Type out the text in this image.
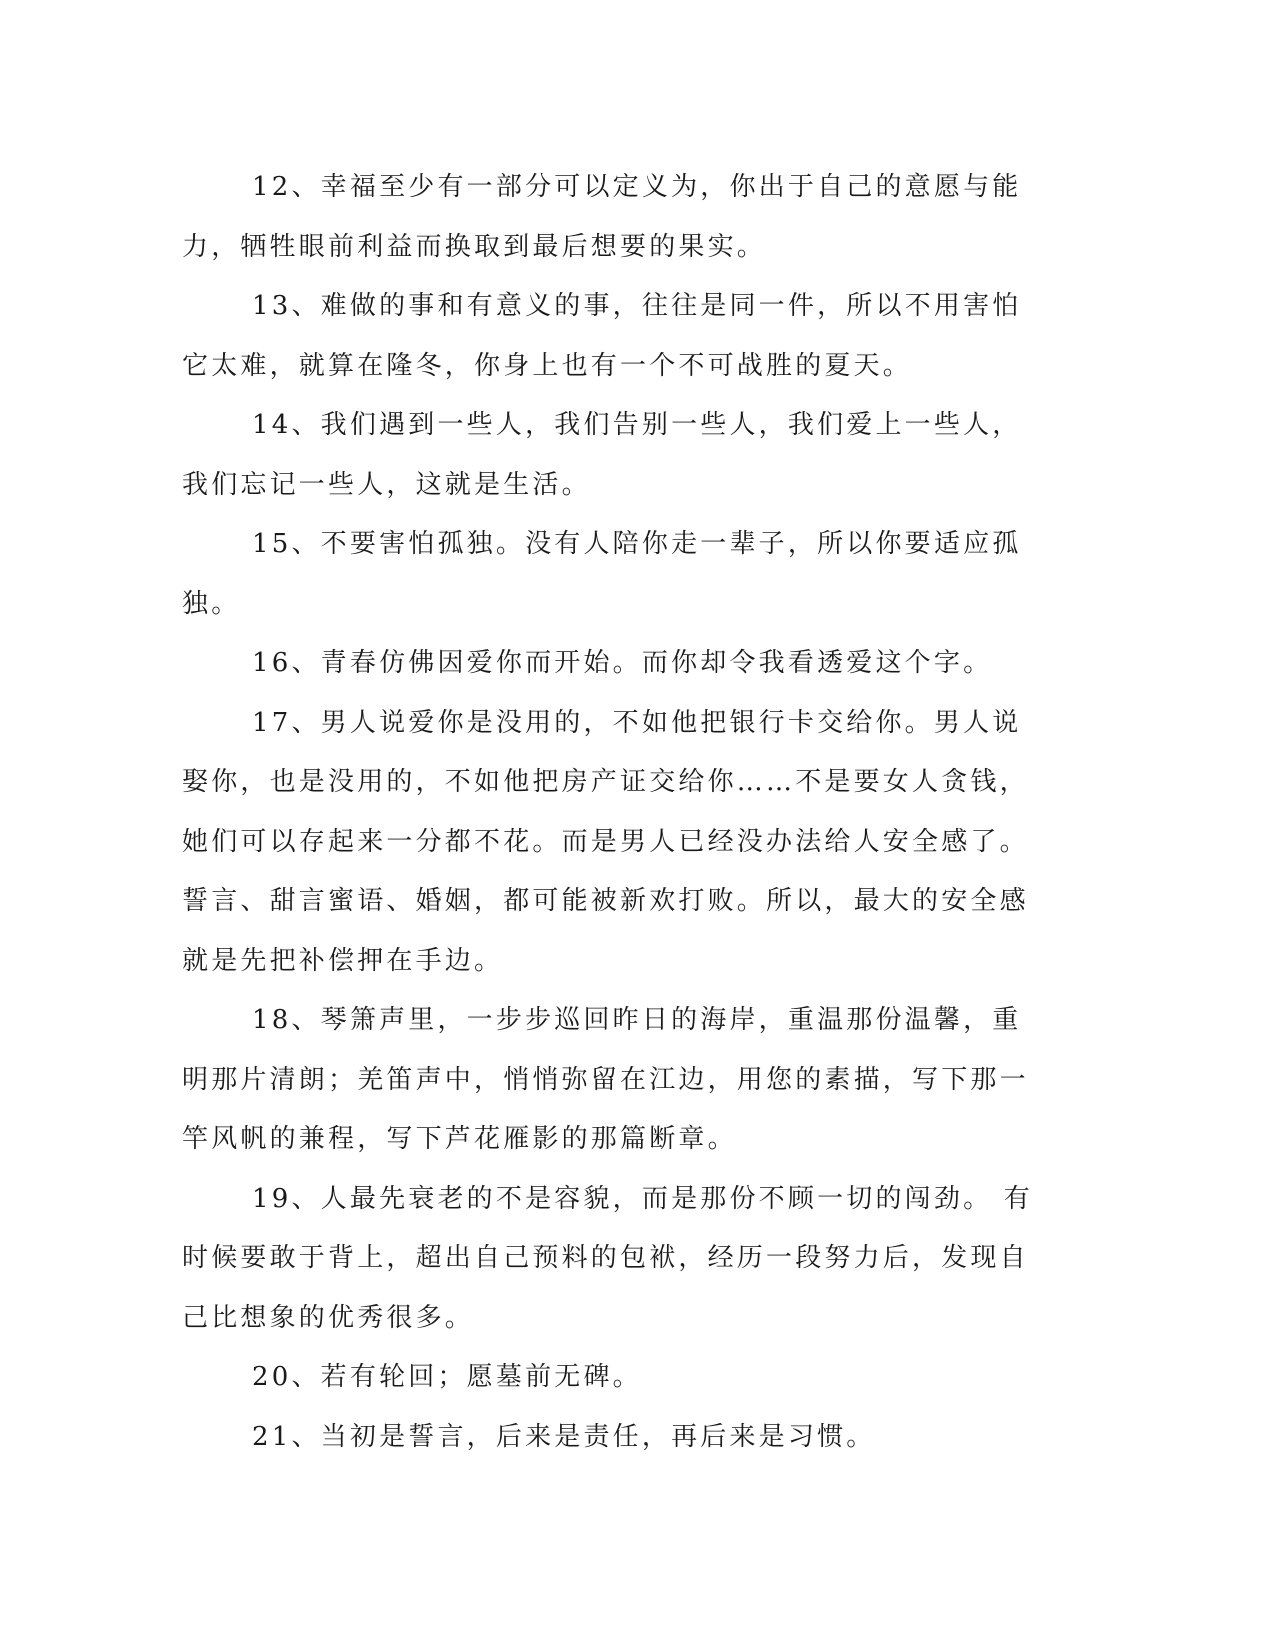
12、幸福至少有一部分可以定义为，你出于自己的意愿与能力，牺牲眼前利益而换取到最后想要的果实。

13、难做的事和有意义的事，往往是同一件，所以不用害怕它太难，就算在隆冬，你身上也有一个不可战胜的夏天。

14、我们遇到一些人，我们告别一些人，我们爱上一些人，我们忘记一些人，这就是生活。

15、不要害怕孤独。没有人陪你走一辈子，所以你要适应孤独。

16、青春仿佛因爱你而开始。而你却令我看透爱这个字。

17、男人说爱你是没用的，不如他把银行卡交给你。男人说娶你，也是没用的，不如他把房产证交给你……不是要女人贪钱，她们可以存起来一分都不花。而是男人已经没办法给人安全感了。誓言、甜言蜜语、婚姻，都可能被新欢打败。所以，最大的安全感就是先把补偿押在手边。

18、琴箫声里，一步步巡回昨日的海岸，重温那份温馨，重明那片清朗；羌笛声中，悄悄弥留在江边，用您的素描，写下那一竿风帆的兼程，写下芦花雁影的那篇断章。

19、人最先衰老的不是容貌，而是那份不顾一切的闯劲。 有时候要敢于背上，超出自己预料的包袱，经历一段努力后，发现自己比想象的优秀很多。

20、若有轮回；愿墓前无碑。

21、当初是誓言，后来是责任，再后来是习惯。
